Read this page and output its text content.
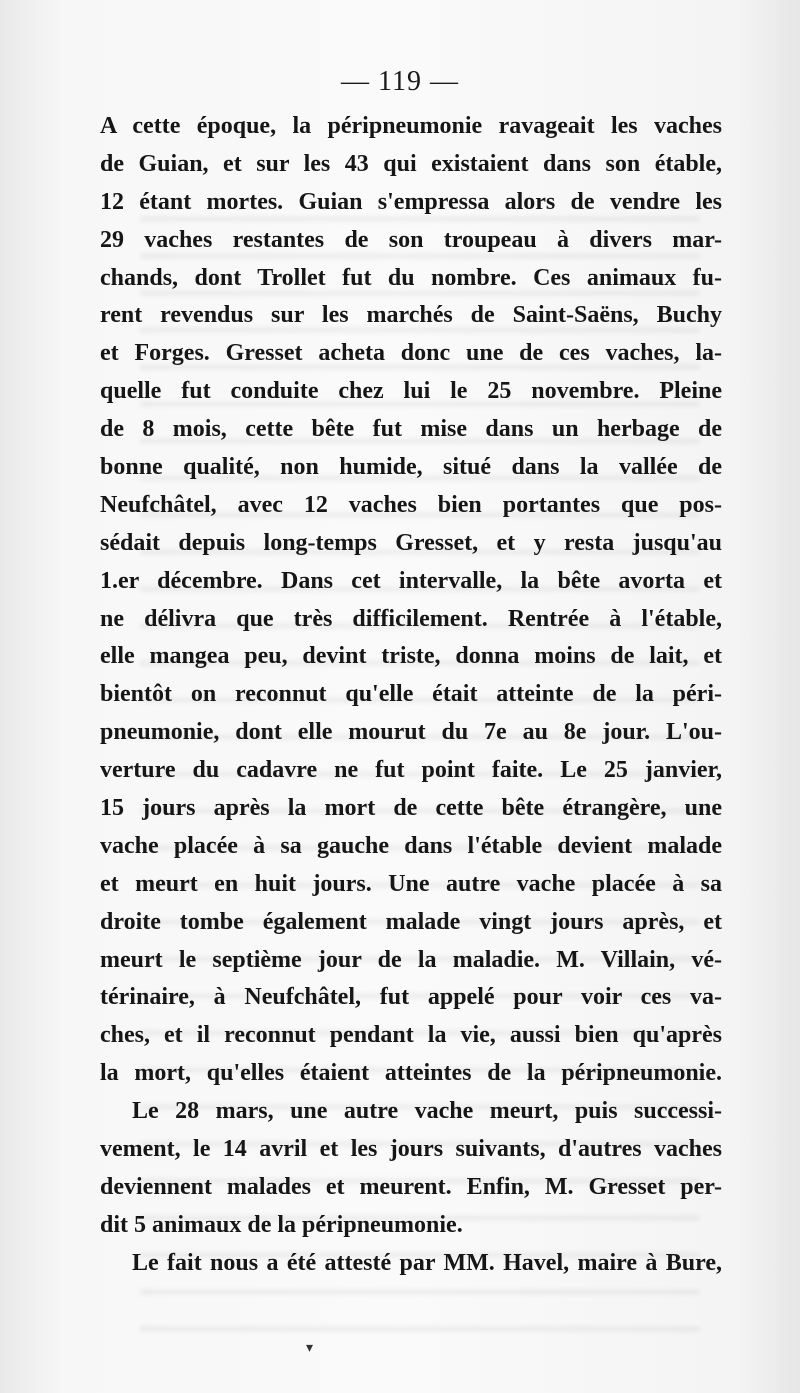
— 119 —
A cette époque, la péripneumonie ravageait les vaches
de Guian, et sur les 43 qui existaient dans son étable,
12 étant mortes. Guian s'empressa alors de vendre les
29 vaches restantes de son troupeau à divers mar-
chands, dont Trollet fut du nombre. Ces animaux fu-
rent revendus sur les marchés de Saint-Saëns, Buchy
et Forges. Gresset acheta donc une de ces vaches, la-
quelle fut conduite chez lui le 25 novembre. Pleine
de 8 mois, cette bête fut mise dans un herbage de
bonne qualité, non humide, situé dans la vallée de
Neufchâtel, avec 12 vaches bien portantes que pos-
sédait depuis long-temps Gresset, et y resta jusqu'au
1.er décembre. Dans cet intervalle, la bête avorta et
ne délivra que très difficilement. Rentrée à l'étable,
elle mangea peu, devint triste, donna moins de lait, et
bientôt on reconnut qu'elle était atteinte de la péri-
pneumonie, dont elle mourut du 7e au 8e jour. L'ou-
verture du cadavre ne fut point faite. Le 25 janvier,
15 jours après la mort de cette bête étrangère, une
vache placée à sa gauche dans l'étable devient malade
et meurt en huit jours. Une autre vache placée à sa
droite tombe également malade vingt jours après, et
meurt le septième jour de la maladie. M. Villain, vé-
térinaire, à Neufchâtel, fut appelé pour voir ces va-
ches, et il reconnut pendant la vie, aussi bien qu'après
la mort, qu'elles étaient atteintes de la péripneumonie.
Le 28 mars, une autre vache meurt, puis successi-
vement, le 14 avril et les jours suivants, d'autres vaches
deviennent malades et meurent. Enfin, M. Gresset per-
dit 5 animaux de la péripneumonie.
Le fait nous a été attesté par MM. Havel, maire à Bure,
▾
